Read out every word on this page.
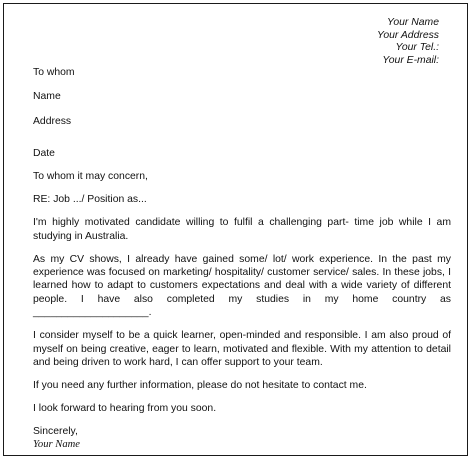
Your Name
Your Address
Your Tel.:
Your E-mail:
To whom
Name
Address
Date
To whom it may concern,
RE: Job .../ Position as...

I'm highly motivated candidate willing to fulfil a challenging part- time job while I am studying in Australia.

As my CV shows, I already have gained some/ lot/ work experience. In the past my experience was focused on marketing/ hospitality/ customer service/ sales. In these jobs, I learned how to adapt to customers expectations and deal with a wide variety of different people. I have also completed my studies in my home country as ____________________.

I consider myself to be a quick learner, open-minded and responsible. I am also proud of myself on being creative, eager to learn, motivated and flexible. With my attention to detail and being driven to work hard, I can offer support to your team.

If you need any further information, please do not hesitate to contact me.

I look forward to hearing from you soon.

Sincerely,
Your Name
